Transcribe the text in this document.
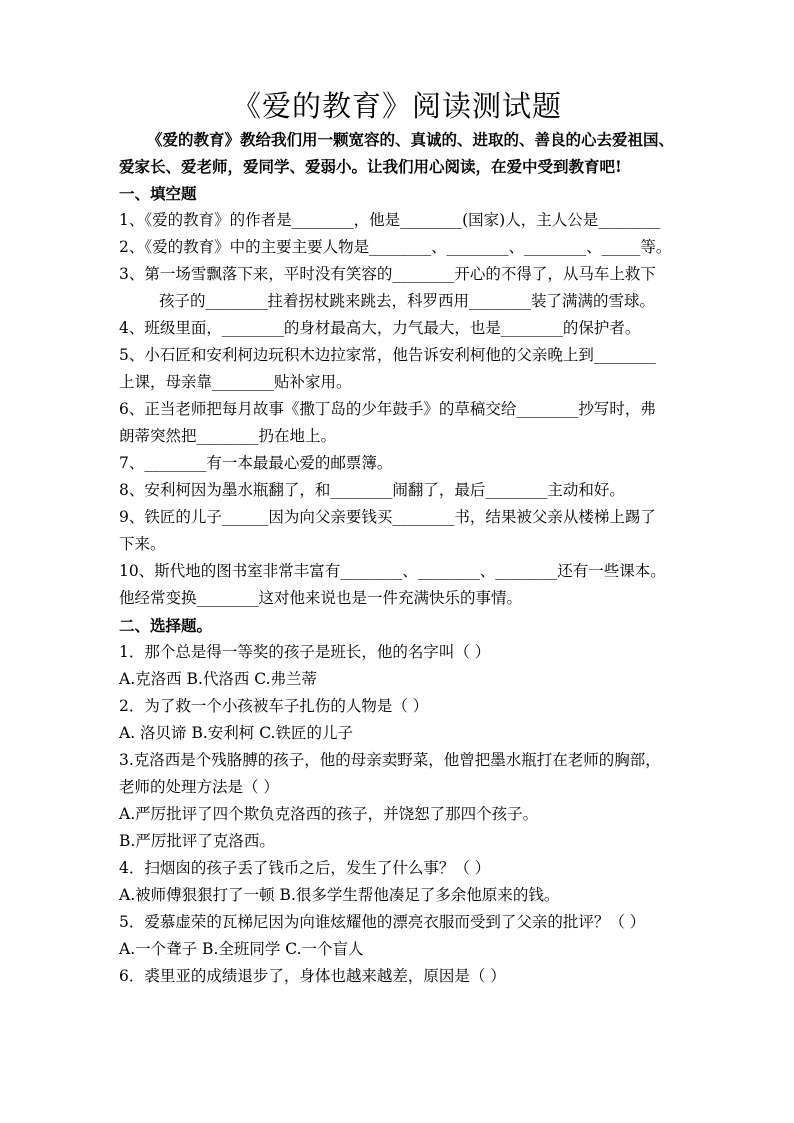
《爱的教育》阅读测试题
《爱的教育》教给我们用一颗宽容的、真诚的、进取的、善良的心去爱祖国、爱家长、爱老师，爱同学、爱弱小。让我们用心阅读，在爱中受到教育吧!
一、填空题
1、《爱的教育》的作者是________，他是________(国家)人，主人公是________
2、《爱的教育》中的主要主要人物是________、________、________、_____等。
3、第一场雪飘落下来，平时没有笑容的________开心的不得了，从马车上救下
孩子的________拄着拐杖跳来跳去，科罗西用________装了满满的雪球。
4、班级里面，________的身材最高大，力气最大，也是________的保护者。
5、小石匠和安利柯边玩积木边拉家常，他告诉安利柯他的父亲晚上到________
上课，母亲靠________贴补家用。
6、正当老师把每月故事《撒丁岛的少年鼓手》的草稿交给________抄写时，弗
朗蒂突然把________扔在地上。
7、________有一本最最心爱的邮票簿。
8、安利柯因为墨水瓶翻了，和________闹翻了，最后________主动和好。
9、铁匠的儿子______因为向父亲要钱买________书，结果被父亲从楼梯上踢了
下来。
10、斯代地的图书室非常丰富有________、________、________还有一些课本。
他经常变换________这对他来说也是一件充满快乐的事情。
二、选择题。
1．那个总是得一等奖的孩子是班长，他的名字叫（ ）
A.克洛西 B.代洛西 C.弗兰蒂
2．为了救一个小孩被车子扎伤的人物是（ ）
A. 洛贝谛 B.安利柯 C.铁匠的儿子
3.克洛西是个残胳膊的孩子，他的母亲卖野菜，他曾把墨水瓶打在老师的胸部，
老师的处理方法是（ ）
A.严厉批评了四个欺负克洛西的孩子，并饶恕了那四个孩子。
B.严厉批评了克洛西。
4．扫烟囱的孩子丢了钱币之后，发生了什么事？（ ）
A.被师傅狠狠打了一顿 B.很多学生帮他凑足了多余他原来的钱。
5．爱慕虚荣的瓦梯尼因为向谁炫耀他的漂亮衣服而受到了父亲的批评？（ ）
A.一个聋子 B.全班同学 C.一个盲人
6．裘里亚的成绩退步了，身体也越来越差，原因是（ ）
